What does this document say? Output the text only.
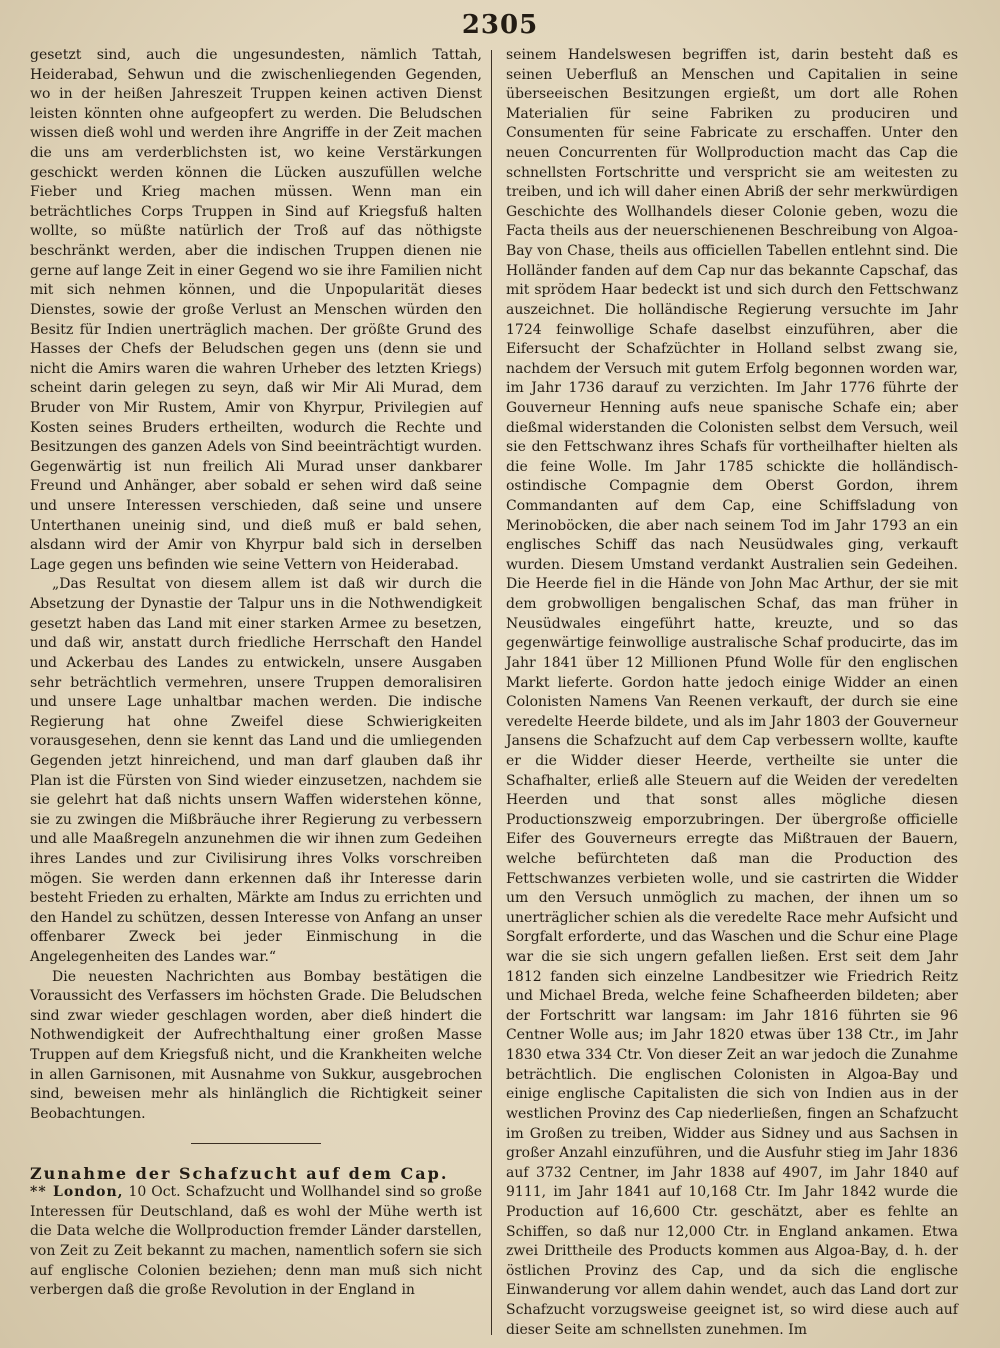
2305

gesetzt sind, auch die ungesundesten, nämlich Tattah, Heiderabad, Sehwun und die zwischenliegenden Gegenden, wo in der heißen Jahreszeit Truppen keinen activen Dienst leisten könnten ohne aufgeopfert zu werden. Die Beludschen wissen dieß wohl und werden ihre Angriffe in der Zeit machen die uns am verderblichsten ist, wo keine Verstärkungen geschickt werden können die Lücken auszufüllen welche Fieber und Krieg machen müssen. Wenn man ein beträchtliches Corps Truppen in Sind auf Kriegsfuß halten wollte, so müßte natürlich der Troß auf das nöthigste beschränkt werden, aber die indischen Truppen dienen nie gerne auf lange Zeit in einer Gegend wo sie ihre Familien nicht mit sich nehmen können, und die Unpopularität dieses Dienstes, sowie der große Verlust an Menschen würden den Besitz für Indien unerträglich machen. Der größte Grund des Hasses der Chefs der Beludschen gegen uns (denn sie und nicht die Amirs waren die wahren Urheber des letzten Kriegs) scheint darin gelegen zu seyn, daß wir Mir Ali Murad, dem Bruder von Mir Rustem, Amir von Khyrpur, Privilegien auf Kosten seines Bruders ertheilten, wodurch die Rechte und Besitzungen des ganzen Adels von Sind beeinträchtigt wurden. Gegenwärtig ist nun freilich Ali Murad unser dankbarer Freund und Anhänger, aber sobald er sehen wird daß seine und unsere Interessen verschieden, daß seine und unsere Unterthanen uneinig sind, und dieß muß er bald sehen, alsdann wird der Amir von Khyrpur bald sich in derselben Lage gegen uns befinden wie seine Vettern von Heiderabad.

„Das Resultat von diesem allem ist daß wir durch die Absetzung der Dynastie der Talpur uns in die Nothwendigkeit gesetzt haben das Land mit einer starken Armee zu besetzen, und daß wir, anstatt durch friedliche Herrschaft den Handel und Ackerbau des Landes zu entwickeln, unsere Ausgaben sehr beträchtlich vermehren, unsere Truppen demoralisiren und unsere Lage unhaltbar machen werden. Die indische Regierung hat ohne Zweifel diese Schwierigkeiten vorausgesehen, denn sie kennt das Land und die umliegenden Gegenden jetzt hinreichend, und man darf glauben daß ihr Plan ist die Fürsten von Sind wieder einzusetzen, nachdem sie sie gelehrt hat daß nichts unsern Waffen widerstehen könne, sie zu zwingen die Mißbräuche ihrer Regierung zu verbessern und alle Maaßregeln anzunehmen die wir ihnen zum Gedeihen ihres Landes und zur Civilisirung ihres Volks vorschreiben mögen. Sie werden dann erkennen daß ihr Interesse darin besteht Frieden zu erhalten, Märkte am Indus zu errichten und den Handel zu schützen, dessen Interesse von Anfang an unser offenbarer Zweck bei jeder Einmischung in die Angelegenheiten des Landes war.“

Die neuesten Nachrichten aus Bombay bestätigen die Voraussicht des Verfassers im höchsten Grade. Die Beludschen sind zwar wieder geschlagen worden, aber dieß hindert die Nothwendigkeit der Aufrechthaltung einer großen Masse Truppen auf dem Kriegsfuß nicht, und die Krankheiten welche in allen Garnisonen, mit Ausnahme von Sukkur, ausgebrochen sind, beweisen mehr als hinlänglich die Richtigkeit seiner Beobachtungen.

Zunahme der Schafzucht auf dem Cap.

** London, 10 Oct. Schafzucht und Wollhandel sind so große Interessen für Deutschland, daß es wohl der Mühe werth ist die Data welche die Wollproduction fremder Länder darstellen, von Zeit zu Zeit bekannt zu machen, namentlich sofern sie sich auf englische Colonien beziehen; denn man muß sich nicht verbergen daß die große Revolution in der England in

seinem Handelswesen begriffen ist, darin besteht daß es seinen Ueberfluß an Menschen und Capitalien in seine überseeischen Besitzungen ergießt, um dort alle Rohen Materialien für seine Fabriken zu produciren und Consumenten für seine Fabricate zu erschaffen. Unter den neuen Concurrenten für Wollproduction macht das Cap die schnellsten Fortschritte und verspricht sie am weitesten zu treiben, und ich will daher einen Abriß der sehr merkwürdigen Geschichte des Wollhandels dieser Colonie geben, wozu die Facta theils aus der neuerschienenen Beschreibung von Algoa-Bay von Chase, theils aus officiellen Tabellen entlehnt sind. Die Holländer fanden auf dem Cap nur das bekannte Capschaf, das mit sprödem Haar bedeckt ist und sich durch den Fettschwanz auszeichnet. Die holländische Regierung versuchte im Jahr 1724 feinwollige Schafe daselbst einzuführen, aber die Eifersucht der Schafzüchter in Holland selbst zwang sie, nachdem der Versuch mit gutem Erfolg begonnen worden war, im Jahr 1736 darauf zu verzichten. Im Jahr 1776 führte der Gouverneur Henning aufs neue spanische Schafe ein; aber dießmal widerstanden die Colonisten selbst dem Versuch, weil sie den Fettschwanz ihres Schafs für vortheilhafter hielten als die feine Wolle. Im Jahr 1785 schickte die holländisch-ostindische Compagnie dem Oberst Gordon, ihrem Commandanten auf dem Cap, eine Schiffsladung von Merinoböcken, die aber nach seinem Tod im Jahr 1793 an ein englisches Schiff das nach Neusüdwales ging, verkauft wurden. Diesem Umstand verdankt Australien sein Gedeihen. Die Heerde fiel in die Hände von John Mac Arthur, der sie mit dem grobwolligen bengalischen Schaf, das man früher in Neusüdwales eingeführt hatte, kreuzte, und so das gegenwärtige feinwollige australische Schaf producirte, das im Jahr 1841 über 12 Millionen Pfund Wolle für den englischen Markt lieferte. Gordon hatte jedoch einige Widder an einen Colonisten Namens Van Reenen verkauft, der durch sie eine veredelte Heerde bildete, und als im Jahr 1803 der Gouverneur Jansens die Schafzucht auf dem Cap verbessern wollte, kaufte er die Widder dieser Heerde, vertheilte sie unter die Schafhalter, erließ alle Steuern auf die Weiden der veredelten Heerden und that sonst alles mögliche diesen Productionszweig emporzubringen. Der übergroße officielle Eifer des Gouverneurs erregte das Mißtrauen der Bauern, welche befürchteten daß man die Production des Fettschwanzes verbieten wolle, und sie castrirten die Widder um den Versuch unmöglich zu machen, der ihnen um so unerträglicher schien als die veredelte Race mehr Aufsicht und Sorgfalt erforderte, und das Waschen und die Schur eine Plage war die sie sich ungern gefallen ließen. Erst seit dem Jahr 1812 fanden sich einzelne Landbesitzer wie Friedrich Reitz und Michael Breda, welche feine Schafheerden bildeten; aber der Fortschritt war langsam: im Jahr 1816 führten sie 96 Centner Wolle aus; im Jahr 1820 etwas über 138 Ctr., im Jahr 1830 etwa 334 Ctr. Von dieser Zeit an war jedoch die Zunahme beträchtlich. Die englischen Colonisten in Algoa-Bay und einige englische Capitalisten die sich von Indien aus in der westlichen Provinz des Cap niederließen, fingen an Schafzucht im Großen zu treiben, Widder aus Sidney und aus Sachsen in großer Anzahl einzuführen, und die Ausfuhr stieg im Jahr 1836 auf 3732 Centner, im Jahr 1838 auf 4907, im Jahr 1840 auf 9111, im Jahr 1841 auf 10,168 Ctr. Im Jahr 1842 wurde die Production auf 16,600 Ctr. geschätzt, aber es fehlte an Schiffen, so daß nur 12,000 Ctr. in England ankamen. Etwa zwei Drittheile des Products kommen aus Algoa-Bay, d. h. der östlichen Provinz des Cap, und da sich die englische Einwanderung vor allem dahin wendet, auch das Land dort zur Schafzucht vorzugsweise geeignet ist, so wird diese auch auf dieser Seite am schnellsten zunehmen. Im
